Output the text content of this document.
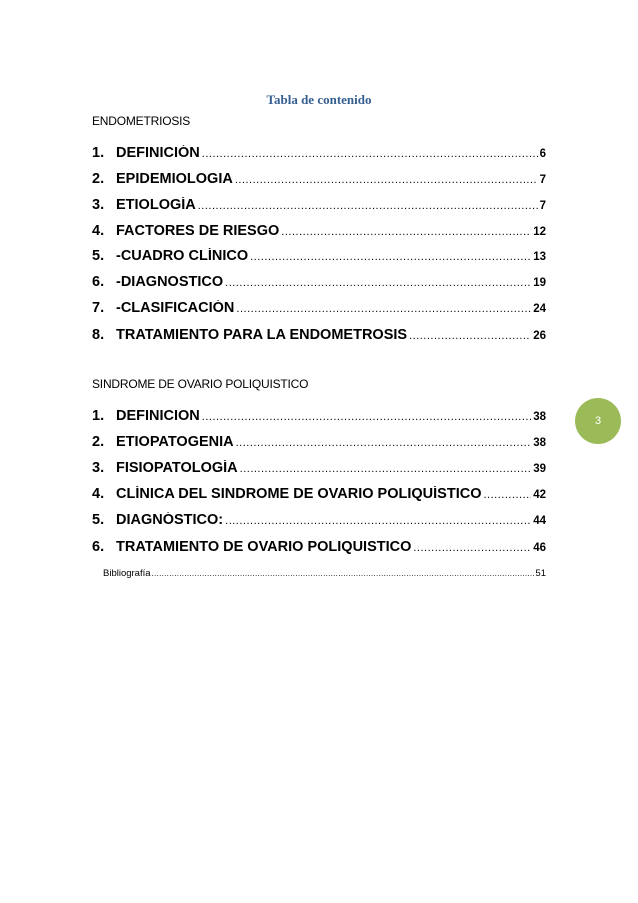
Tabla de contenido
ENDOMETRIOSIS
1. DEFINICIÓN .....	6
2. EPIDEMIOLOGIA .....	7
3. ETIOLOGÍA .....	7
4. FACTORES DE RIESGO .....	12
5. -CUADRO CLÍNICO .....	13
6. -DIAGNOSTICO .....	19
7. -CLASIFICACIÓN .....	24
8. TRATAMIENTO PARA LA ENDOMETROSIS .....	26
SINDROME DE OVARIO POLIQUISTICO
1. DEFINICION .....	38
2. ETIOPATOGENIA .....	38
3. FISIOPATOLOGÍA .....	39
4. CLÍNICA DEL SINDROME DE OVARIO POLIQUÍSTICO .....	42
5. DIAGNÓSTICO: .....	44
6. TRATAMIENTO DE OVARIO POLIQUISTICO .....	46
Bibliografía .....	51
3
